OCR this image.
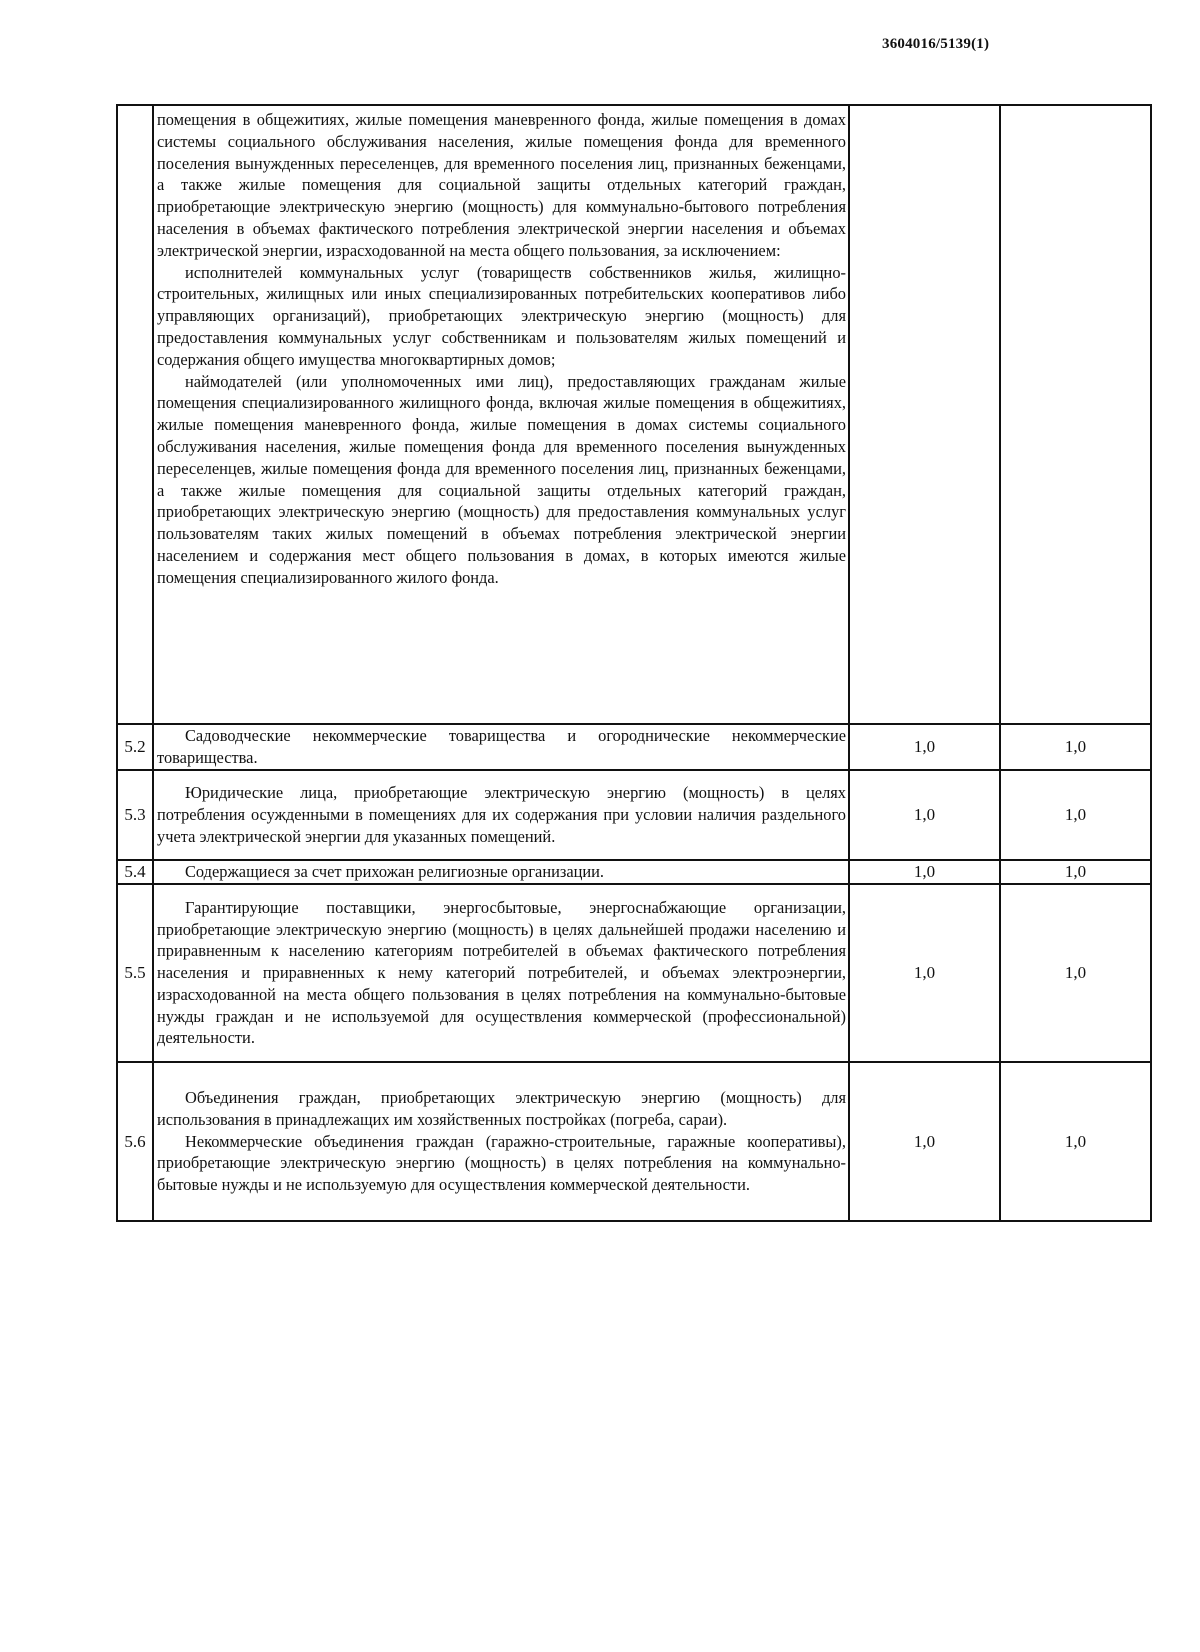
3604016/5139(1)

	помещения в общежитиях, жилые помещения маневренного фонда, жилые помещения в домах системы социального обслуживания населения, жилые помещения фонда для временного поселения вынужденных переселенцев, для временного поселения лиц, признанных беженцами, а также жилые помещения для социальной защиты отдельных категорий граждан, приобретающие электрическую энергию (мощность) для коммунально-бытового потребления населения в объемах фактического потребления электрической энергии населения и объемах электрической энергии, израсходованной на места общего пользования, за исключением:

исполнителей коммунальных услуг (товариществ собственников жилья, жилищно-строительных, жилищных или иных специализированных потребительских кооперативов либо управляющих организаций), приобретающих электрическую энергию (мощность) для предоставления коммунальных услуг собственникам и пользователям жилых помещений и содержания общего имущества многоквартирных домов;

наймодателей (или уполномоченных ими лиц), предоставляющих гражданам жилые помещения специализированного жилищного фонда, включая жилые помещения в общежитиях, жилые помещения маневренного фонда, жилые помещения в домах системы социального обслуживания населения, жилые помещения фонда для временного поселения вынужденных переселенцев, жилые помещения фонда для временного поселения лиц, признанных беженцами, а также жилые помещения для социальной защиты отдельных категорий граждан, приобретающих электрическую энергию (мощность) для предоставления коммунальных услуг пользователям таких жилых помещений в объемах потребления электрической энергии населением и содержания мест общего пользования в домах, в которых имеются жилые помещения специализированного жилого фонда.		

5.2	Садоводческие некоммерческие товарищества и огороднические некоммерческие товарищества.	1,0	1,0
5.3	Юридические лица, приобретающие электрическую энергию (мощность) в целях потребления осужденными в помещениях для их содержания при условии наличия раздельного учета электрической энергии для указанных помещений.	1,0	1,0
5.4	Содержащиеся за счет прихожан религиозные организации.	1,0	1,0
5.5	Гарантирующие поставщики, энергосбытовые, энергоснабжающие организации, приобретающие электрическую энергию (мощность) в целях дальнейшей продажи населению и приравненным к населению категориям потребителей в объемах фактического потребления населения и приравненных к нему категорий потребителей, и объемах электроэнергии, израсходованной на места общего пользования в целях потребления на коммунально-бытовые нужды граждан и не используемой для осуществления коммерческой (профессиональной) деятельности.	1,0	1,0
5.6	Объединения граждан, приобретающих электрическую энергию (мощность) для использования в принадлежащих им хозяйственных постройках (погреба, сараи).

Некоммерческие объединения граждан (гаражно-строительные, гаражные кооперативы), приобретающие электрическую энергию (мощность) в целях потребления на коммунально-бытовые нужды и не используемую для осуществления коммерческой деятельности.	1,0	1,0
